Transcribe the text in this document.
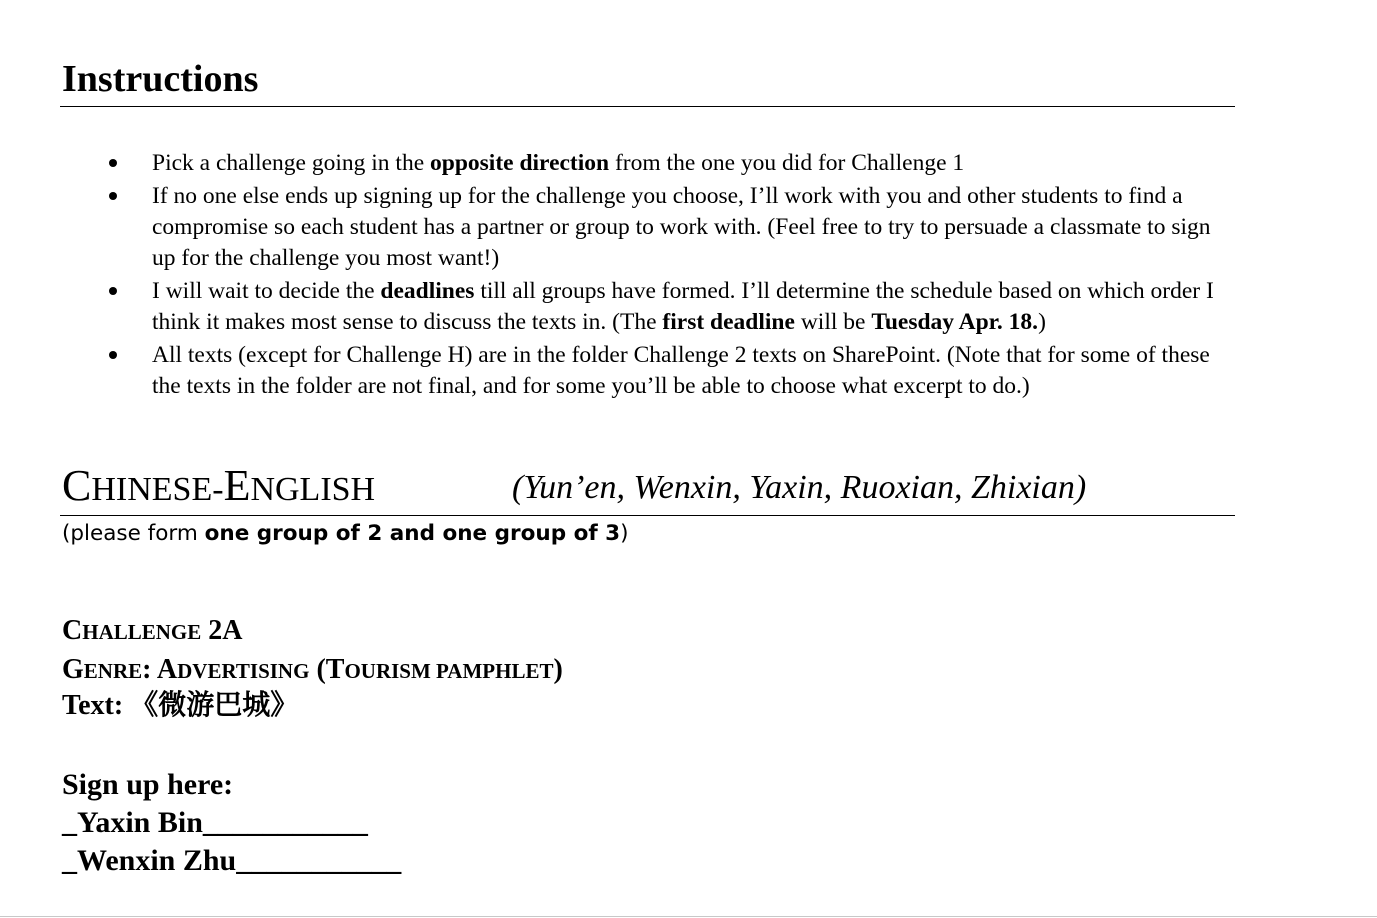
Instructions
Pick a challenge going in the opposite direction from the one you did for Challenge 1
If no one else ends up signing up for the challenge you choose, I’ll work with you and other students to find a compromise so each student has a partner or group to work with. (Feel free to try to persuade a classmate to sign up for the challenge you most want!)
I will wait to decide the deadlines till all groups have formed. I’ll determine the schedule based on which order I think it makes most sense to discuss the texts in. (The first deadline will be Tuesday Apr. 18.)
All texts (except for Challenge H) are in the folder Challenge 2 texts on SharePoint. (Note that for some of these the texts in the folder are not final, and for some you’ll be able to choose what excerpt to do.)
CHINESE-ENGLISH	(Yun’en, Wenxin, Yaxin, Ruoxian, Zhixian)
(please form one group of 2 and one group of 3)
CHALLENGE 2A
GENRE: ADVERTISING (TOURISM PAMPHLET)
Text: 《微游巴城》
Sign up here:
_Yaxin Bin___________
_Wenxin Zhu___________
